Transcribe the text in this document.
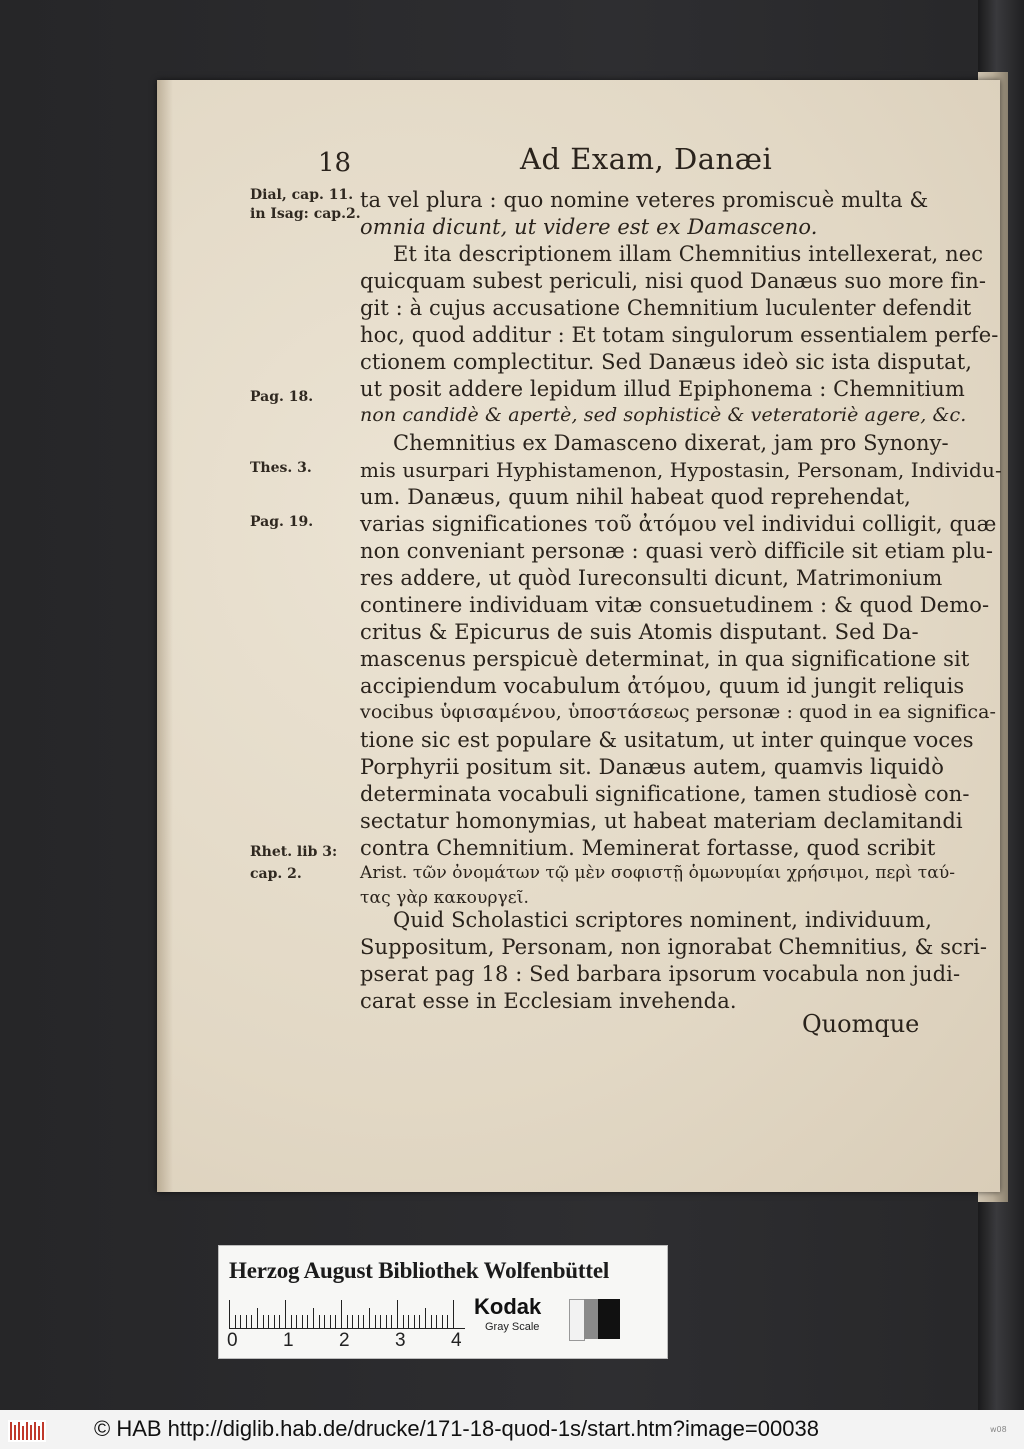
18	Ad Exam, Danæi
Dial, cap. 11.
in Isag: cap.2.
Pag. 18.
Thes. 3.
Pag. 19.
Rhet. lib 3:
cap. 2.
ta vel plura : quo nomine veteres promiscuè multa &
omnia dicunt, ut videre est ex Damasceno.
Et ita descriptionem illam Chemnitius intellexerat, nec
quicquam subest periculi, nisi quod Danæus suo more fin-
git : à cujus accusatione Chemnitium luculenter defendit
hoc, quod additur : Et totam singulorum essentialem perfe-
ctionem complectitur. Sed Danæus ideò sic ista disputat,
ut posit addere lepidum illud Epiphonema : Chemnitium
non candidè & apertè, sed sophisticè & veteratoriè agere, &c.
Chemnitius ex Damasceno dixerat, jam pro Synony-
mis usurpari Hyphistamenon, Hypostasin, Personam, Individu-
um. Danæus, quum nihil habeat quod reprehendat,
varias significationes τοῦ ἀτόμου vel individui colligit, quæ
non conveniant personæ : quasi verò difficile sit etiam plu-
res addere, ut quòd Iureconsulti dicunt, Matrimonium
continere individuam vitæ consuetudinem : & quod Demo-
critus & Epicurus de suis Atomis disputant. Sed Da-
mascenus perspicuè determinat, in qua significatione sit
accipiendum vocabulum ἀτόμου, quum id jungit reliquis
vocibus ὑφισαμένου, ὑποστάσεως personæ : quod in ea significa-
tione sic est populare & usitatum, ut inter quinque voces
Porphyrii positum sit. Danæus autem, quamvis liquidò
determinata vocabuli significatione, tamen studiosè con-
sectatur homonymias, ut habeat materiam declamitandi
contra Chemnitium. Meminerat fortasse, quod scribit
Arist. τῶν ὀνομάτων τῷ μὲν σοφιστῇ ὁμωνυμίαι χρήσιμοι, περὶ ταύ-
τας γὰρ κακουργεῖ.
Quid Scholastici scriptores nominent, individuum,
Suppositum, Personam, non ignorabat Chemnitius, & scri-
pserat pag 18 : Sed barbara ipsorum vocabula non judi-
carat esse in Ecclesiam invehenda.
Quomque
Herzog August Bibliothek Wolfenbüttel
0 1 2 3 4
Kodak
Gray Scale
© HAB http://diglib.hab.de/drucke/171-18-quod-1s/start.htm?image=00038	w08
